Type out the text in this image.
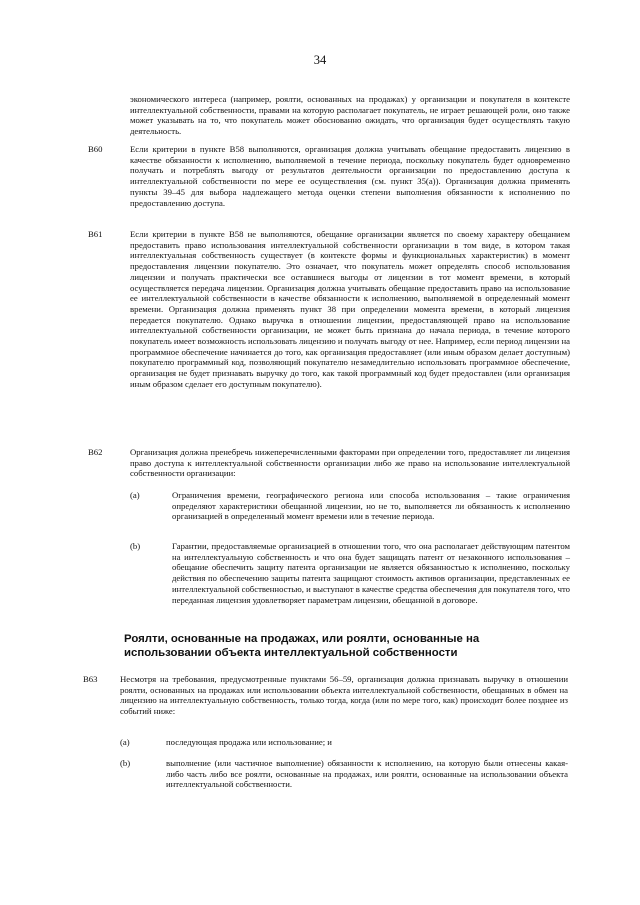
34
экономического интереса (например, роялти, основанных на продажах) у организации и покупателя в контексте интеллектуальной собственности, правами на которую располагает покупатель, не играет решающей роли, оно также может указывать на то, что покупатель может обоснованно ожидать, что организация будет осуществлять такую деятельность.
B60	Если критерии в пункте B58 выполняются, организация должна учитывать обещание предоставить лицензию в качестве обязанности к исполнению, выполняемой в течение периода, поскольку покупатель будет одновременно получать и потреблять выгоду от результатов деятельности организации по предоставлению доступа к интеллектуальной собственности по мере ее осуществления (см. пункт 35(a)). Организация должна применять пункты 39–45 для выбора надлежащего метода оценки степени выполнения обязанности к исполнению по предоставлению доступа.
B61	Если критерии в пункте B58 не выполняются, обещание организации является по своему характеру обещанием предоставить право использования интеллектуальной собственности организации в том виде, в котором такая интеллектуальная собственность существует (в контексте формы и функциональных характеристик) в момент предоставления лицензии покупателю. Это означает, что покупатель может определять способ использования лицензии и получать практически все оставшиеся выгоды от лицензии в тот момент времени, в который осуществляется передача лицензии. Организация должна учитывать обещание предоставить право на использование ее интеллектуальной собственности в качестве обязанности к исполнению, выполняемой в определенный момент времени. Организация должна применять пункт 38 при определении момента времени, в который лицензия передается покупателю. Однако выручка в отношении лицензии, предоставляющей право на использование интеллектуальной собственности организации, не может быть признана до начала периода, в течение которого покупатель имеет возможность использовать лицензию и получать выгоду от нее. Например, если период лицензии на программное обеспечение начинается до того, как организация предоставляет (или иным образом делает доступным) покупателю программный код, позволяющий покупателю незамедлительно использовать программное обеспечение, организация не будет признавать выручку до того, как такой программный код будет предоставлен (или организация иным образом сделает его доступным покупателю).
B62	Организация должна пренебречь нижеперечисленными факторами при определении того, предоставляет ли лицензия право доступа к интеллектуальной собственности организации либо же право на использование интеллектуальной собственности организации:
(a)	Ограничения времени, географического региона или способа использования – такие ограничения определяют характеристики обещанной лицензии, но не то, выполняется ли обязанность к исполнению организацией в определенный момент времени или в течение периода.
(b)	Гарантии, предоставляемые организацией в отношении того, что она располагает действующим патентом на интеллектуальную собственность и что она будет защищать патент от незаконного использования – обещание обеспечить защиту патента организации не является обязанностью к исполнению, поскольку действия по обеспечению защиты патента защищают стоимость активов организации, представленных ее интеллектуальной собственностью, и выступают в качестве средства обеспечения для покупателя того, что переданная лицензия удовлетворяет параметрам лицензии, обещанной в договоре.
Роялти, основанные на продажах, или роялти, основанные на использовании объекта интеллектуальной собственности
B63	Несмотря на требования, предусмотренные пунктами 56–59, организация должна признавать выручку в отношении роялти, основанных на продажах или использовании объекта интеллектуальной собственности, обещанных в обмен на лицензию на интеллектуальную собственность, только тогда, когда (или по мере того, как) происходит более позднее из событий ниже:
(a)	последующая продажа или использование; и
(b)	выполнение (или частичное выполнение) обязанности к исполнению, на которую были отнесены какая-либо часть либо все роялти, основанные на продажах, или роялти, основанные на использовании объекта интеллектуальной собственности.
